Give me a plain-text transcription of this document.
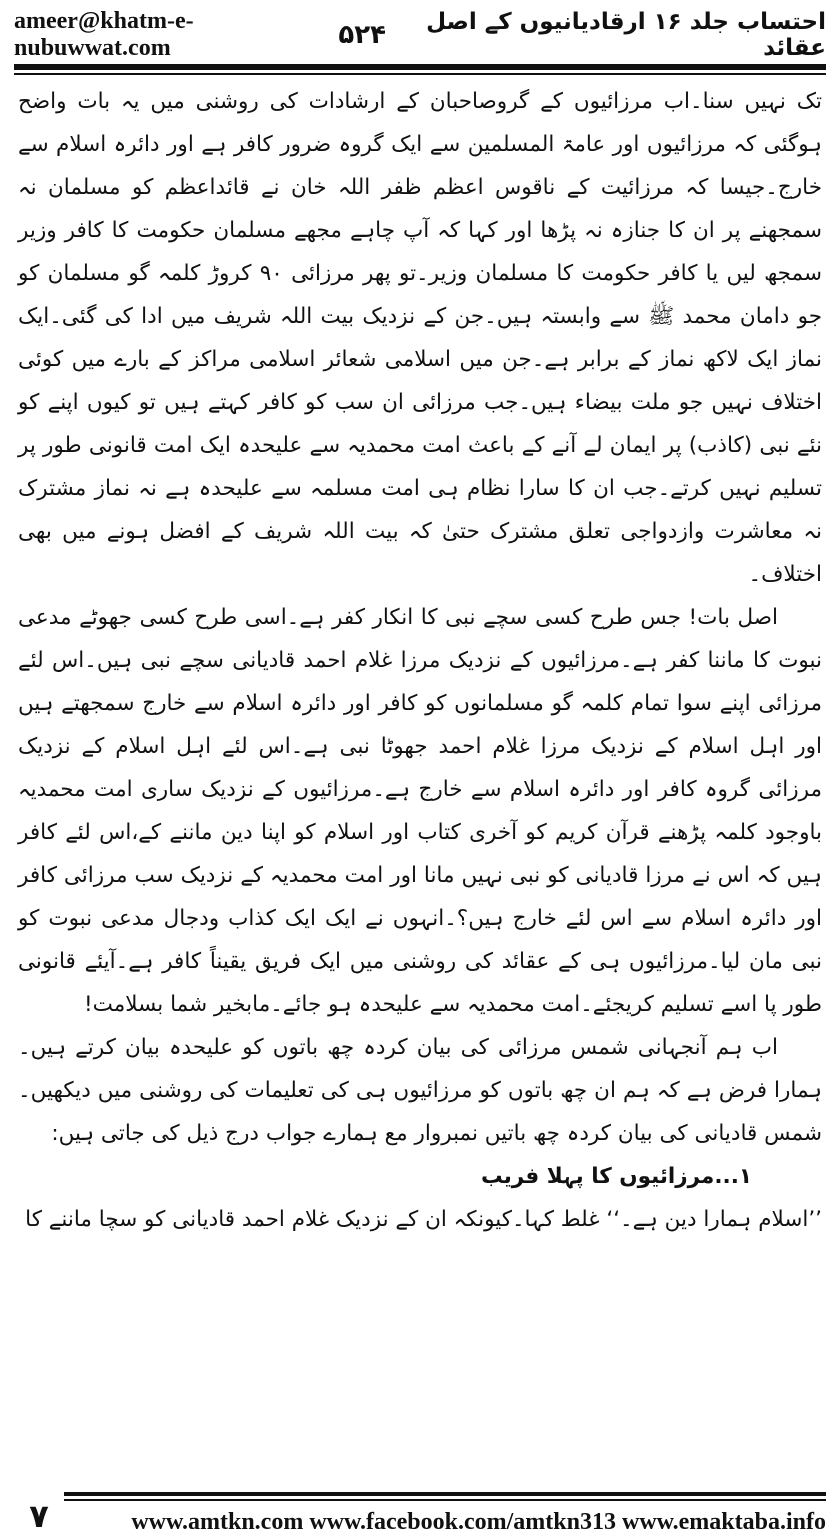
ameer@khatm-e-nubuwwat.com	۵۲۴	احتساب جلد ۱۶ ارقادیانیوں کے اصل عقائد

تک نہیں سنا۔اب مرزائیوں کے گروصاحبان کے ارشادات کی روشنی میں یہ بات واضح ہوگئی کہ مرزائیوں اور عامۃ المسلمین سے ایک گروہ ضرور کافر ہے اور دائرہ اسلام سے خارج۔جیسا کہ مرزائیت کے ناقوس اعظم ظفر اللہ خان نے قائداعظم کو مسلمان نہ سمجھنے پر ان کا جنازہ نہ پڑھا اور کہا کہ آپ چاہے مجھے مسلمان حکومت کا کافر وزیر سمجھ لیں یا کافر حکومت کا مسلمان وزیر۔تو پھر مرزائی ۹۰ کروڑ کلمہ گو مسلمان کو جو دامان محمد ﷺ سے وابستہ ہیں۔جن کے نزدیک بیت اللہ شریف میں ادا کی گئی۔ایک نماز ایک لاکھ نماز کے برابر ہے۔جن میں اسلامی شعائر اسلامی مراکز کے بارے میں کوئی اختلاف نہیں جو ملت بیضاء ہیں۔جب مرزائی ان سب کو کافر کہتے ہیں تو کیوں اپنے کو نئے نبی (کاذب) پر ایمان لے آنے کے باعث امت محمدیہ سے علیحدہ ایک امت قانونی طور پر تسلیم نہیں کرتے۔جب ان کا سارا نظام ہی امت مسلمہ سے علیحدہ ہے نہ نماز مشترک نہ معاشرت وازدواجی تعلق مشترک حتیٰ کہ بیت اللہ شریف کے افضل ہونے میں بھی اختلاف۔

اصل بات! جس طرح کسی سچے نبی کا انکار کفر ہے۔اسی طرح کسی جھوٹے مدعی نبوت کا ماننا کفر ہے۔مرزائیوں کے نزدیک مرزا غلام احمد قادیانی سچے نبی ہیں۔اس لئے مرزائی اپنے سوا تمام کلمہ گو مسلمانوں کو کافر اور دائرہ اسلام سے خارج سمجھتے ہیں اور اہل اسلام کے نزدیک مرزا غلام احمد جھوٹا نبی ہے۔اس لئے اہل اسلام کے نزدیک مرزائی گروہ کافر اور دائرہ اسلام سے خارج ہے۔مرزائیوں کے نزدیک ساری امت محمدیہ باوجود کلمہ پڑھنے قرآن کریم کو آخری کتاب اور اسلام کو اپنا دین ماننے کے،اس لئے کافر ہیں کہ اس نے مرزا قادیانی کو نبی نہیں مانا اور امت محمدیہ کے نزدیک سب مرزائی کافر اور دائرہ اسلام سے اس لئے خارج ہیں؟۔انہوں نے ایک ایک کذاب ودجال مدعی نبوت کو نبی مان لیا۔مرزائیوں ہی کے عقائد کی روشنی میں ایک فریق یقیناً کافر ہے۔آیئے قانونی طور پا اسے تسلیم کریجئے۔امت محمدیہ سے علیحدہ ہو جائے۔مابخیر شما بسلامت!

اب ہم آنجہانی شمس مرزائی کی بیان کردہ چھ باتوں کو علیحدہ بیان کرتے ہیں۔ہمارا فرض ہے کہ ہم ان چھ باتوں کو مرزائیوں ہی کی تعلیمات کی روشنی میں دیکھیں۔شمس قادیانی کی بیان کردہ چھ باتیں نمبروار مع ہمارے جواب درج ذیل کی جاتی ہیں:

۱...مرزائیوں کا پہلا فریب

’’اسلام ہمارا دین ہے۔‘‘ غلط کہا۔کیونکہ ان کے نزدیک غلام احمد قادیانی کو سچا ماننے کا

۷	www.amtkn.com www.facebook.com/amtkn313 www.emaktaba.info
